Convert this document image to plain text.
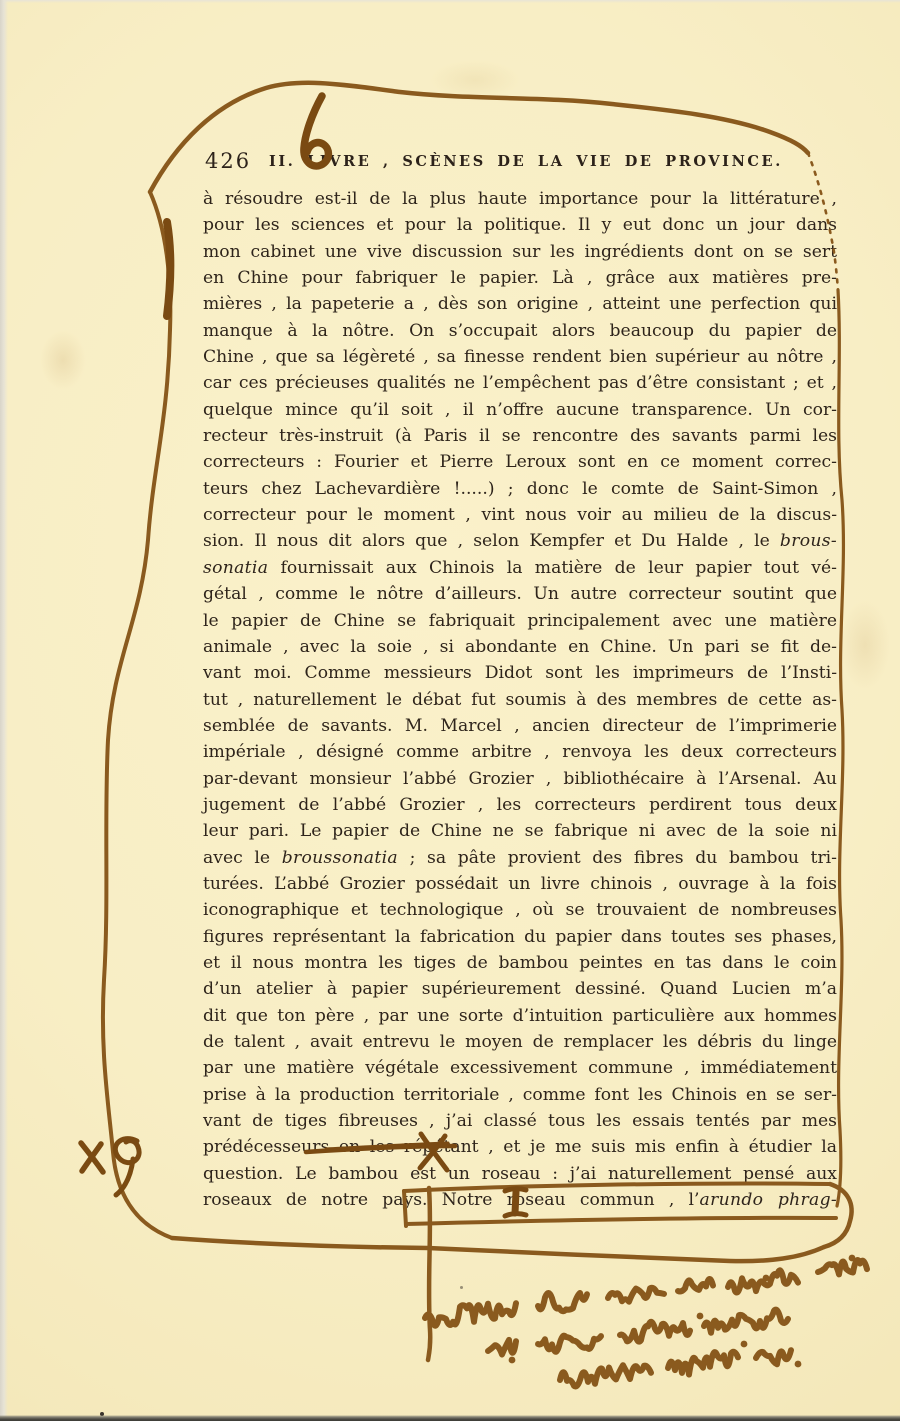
426 II. LIVRE , SCÈNES DE LA VIE DE PROVINCE.
à résoudre est-il de la plus haute importance pour la littérature ,
pour les sciences et pour la politique. Il y eut donc un jour dans
mon cabinet une vive discussion sur les ingrédients dont on se sert
en Chine pour fabriquer le papier. Là , grâce aux matières pre-
mières , la papeterie a , dès son origine , atteint une perfection qui
manque à la nôtre. On s’occupait alors beaucoup du papier de
Chine , que sa légèreté , sa finesse rendent bien supérieur au nôtre ,
car ces précieuses qualités ne l’empêchent pas d’être consistant ; et ,
quelque mince qu’il soit , il n’offre aucune transparence. Un cor-
recteur très-instruit (à Paris il se rencontre des savants parmi les
correcteurs : Fourier et Pierre Leroux sont en ce moment correc-
teurs chez Lachevardière !.....) ; donc le comte de Saint-Simon ,
correcteur pour le moment , vint nous voir au milieu de la discus-
sion. Il nous dit alors que , selon Kempfer et Du Halde , le brous-
sonatia fournissait aux Chinois la matière de leur papier tout vé-
gétal , comme le nôtre d’ailleurs. Un autre correcteur soutint que
le papier de Chine se fabriquait principalement avec une matière
animale , avec la soie , si abondante en Chine. Un pari se fit de-
vant moi. Comme messieurs Didot sont les imprimeurs de l’Insti-
tut , naturellement le débat fut soumis à des membres de cette as-
semblée de savants. M. Marcel , ancien directeur de l’imprimerie
impériale , désigné comme arbitre , renvoya les deux correcteurs
par-devant monsieur l’abbé Grozier , bibliothécaire à l’Arsenal. Au
jugement de l’abbé Grozier , les correcteurs perdirent tous deux
leur pari. Le papier de Chine ne se fabrique ni avec de la soie ni
avec le broussonatia ; sa pâte provient des fibres du bambou tri-
turées. L’abbé Grozier possédait un livre chinois , ouvrage à la fois
iconographique et technologique , où se trouvaient de nombreuses
figures représentant la fabrication du papier dans toutes ses phases,
et il nous montra les tiges de bambou peintes en tas dans le coin
d’un atelier à papier supérieurement dessiné. Quand Lucien m’a
dit que ton père , par une sorte d’intuition particulière aux hommes
de talent , avait entrevu le moyen de remplacer les débris du linge
par une matière végétale excessivement commune , immédiatement
prise à la production territoriale , comme font les Chinois en se ser-
vant de tiges fibreuses , j’ai classé tous les essais tentés par mes
prédécesseurs en les répétant , et je me suis mis enfin à étudier la
question. Le bambou est un roseau : j’ai naturellement pensé aux
roseaux de notre pays. Notre roseau commun , l’arundo phrag-
